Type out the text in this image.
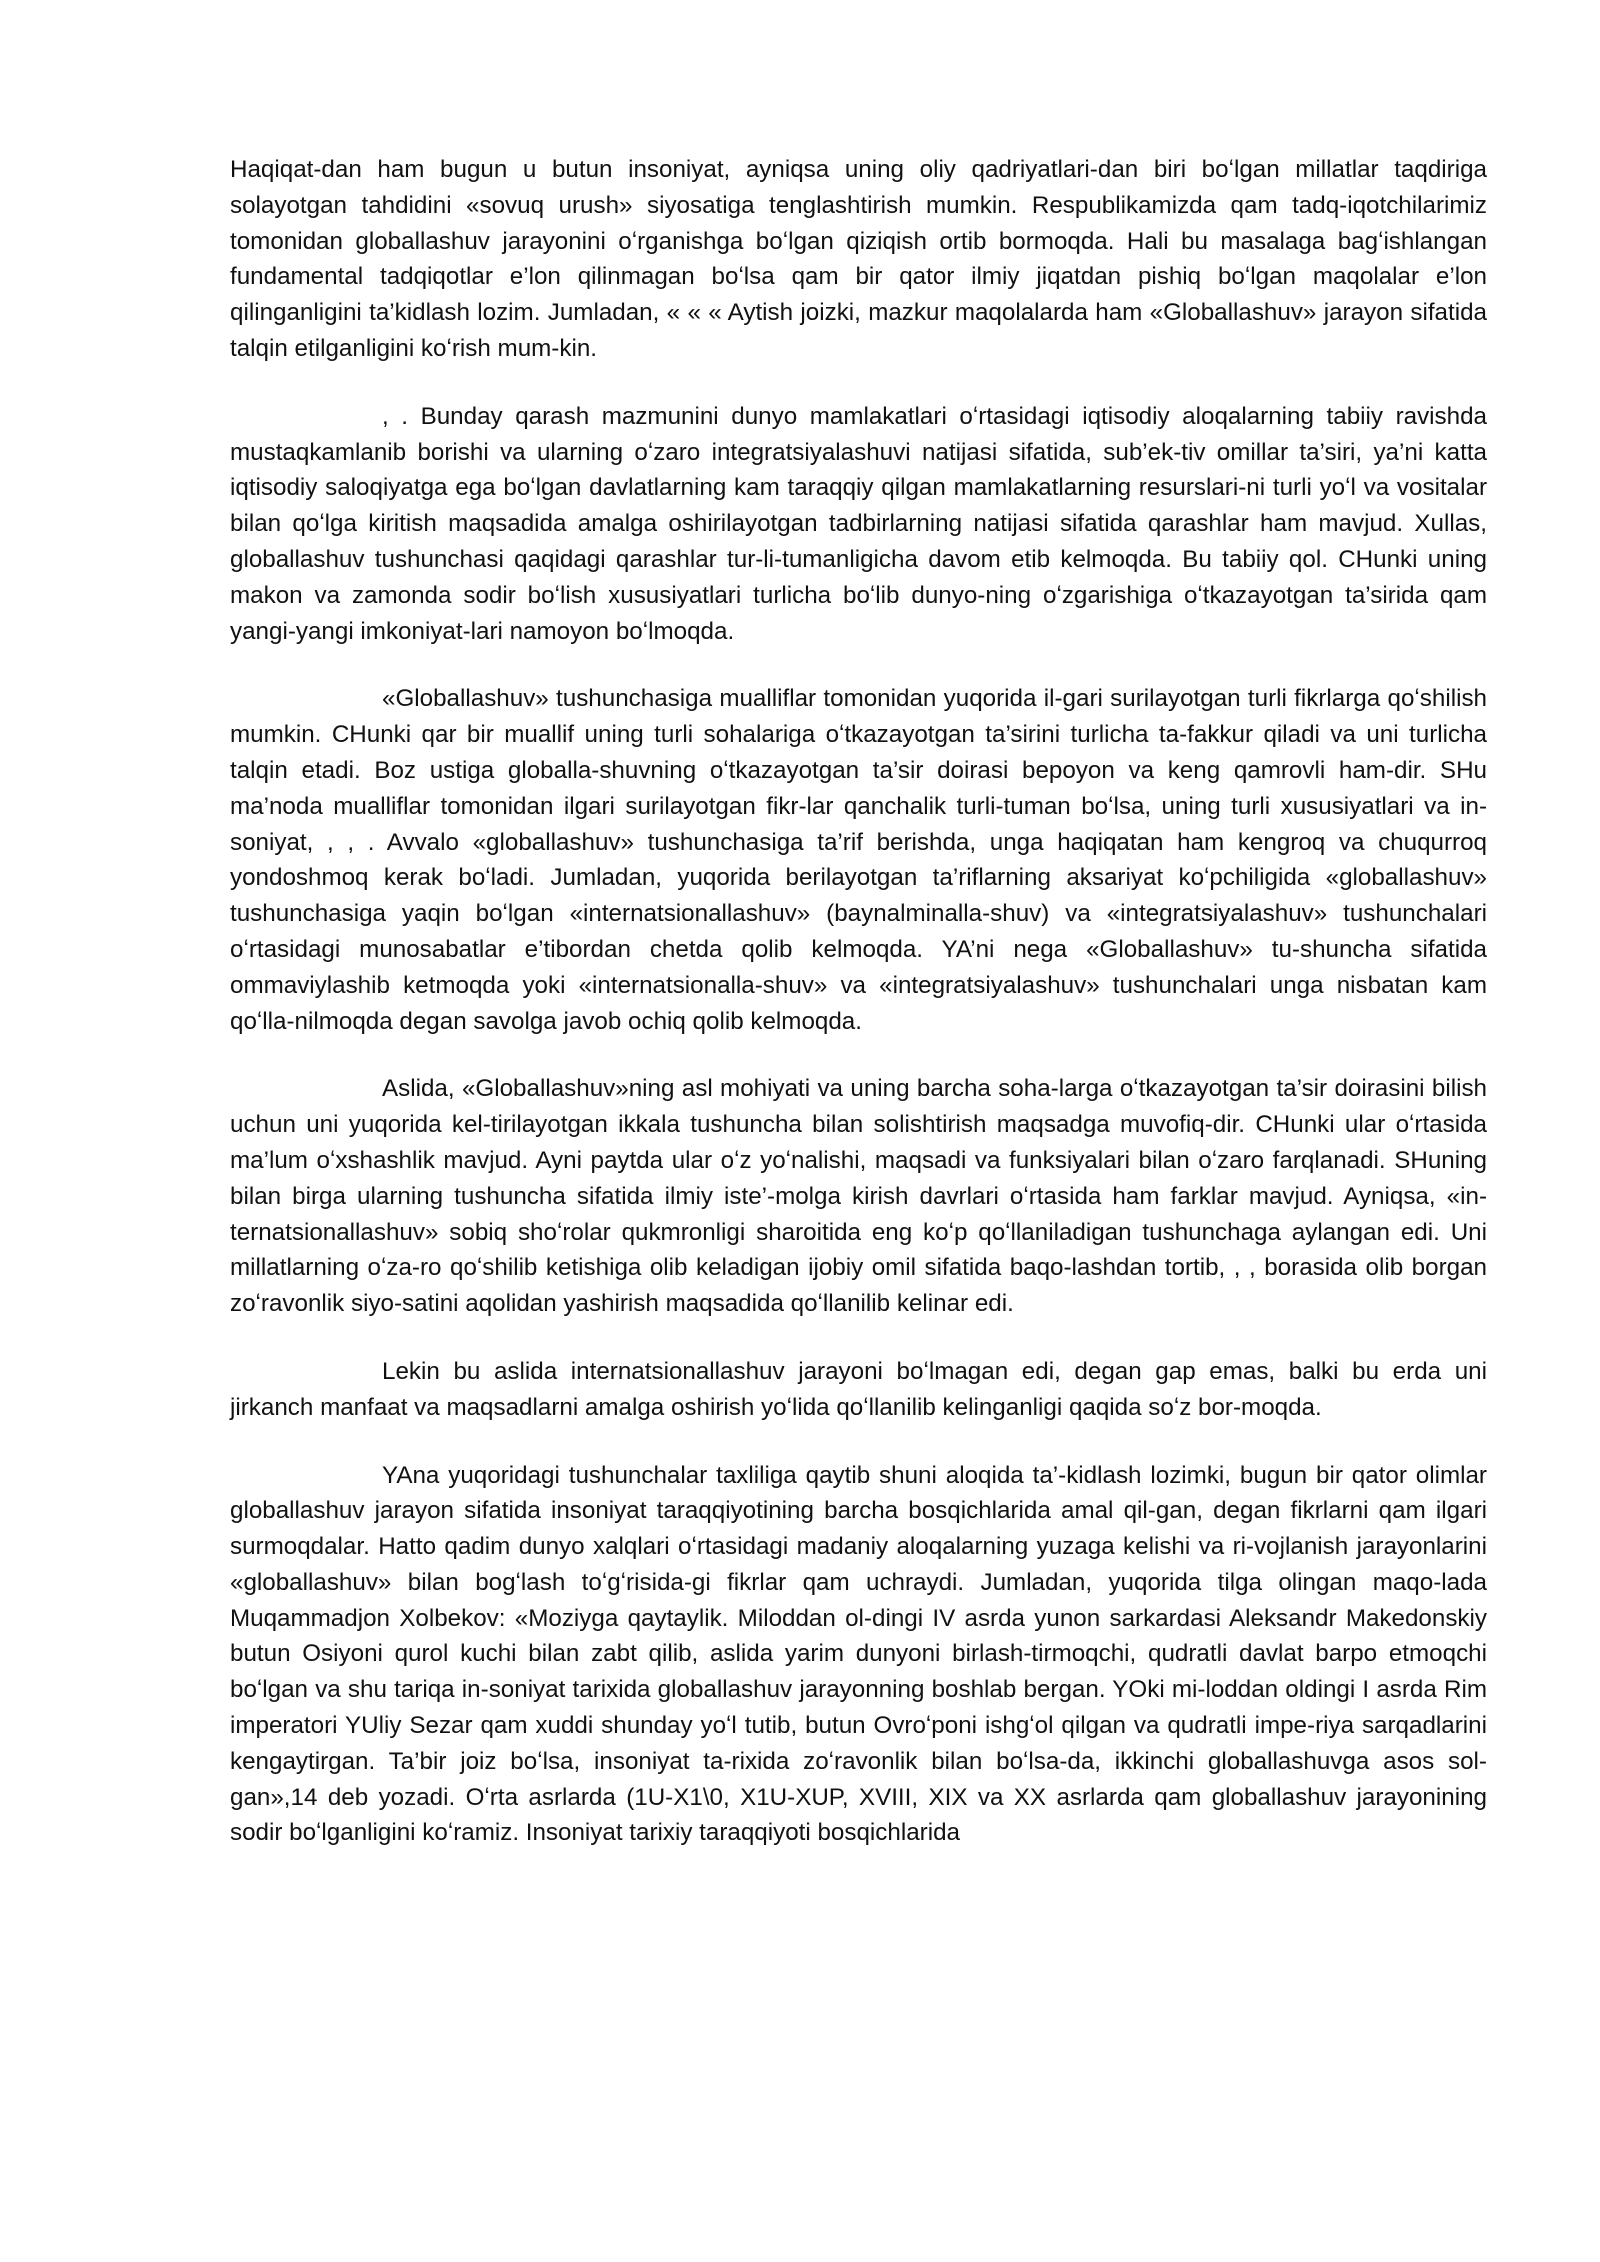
Haqiqat-dan ham bugun u butun insoniyat, ayniqsa uning oliy qadriyatlari-dan biri boʻlgan millatlar taqdiriga solayotgan tahdidini «sovuq urush» siyosatiga tenglashtirish mumkin. Respublikamizda qam tadq-iqotchilarimiz tomonidan globallashuv jarayonini oʻrganishga boʻlgan qiziqish ortib bormoqda. Hali bu masalaga bagʻishlangan fundamental tadqiqotlar e’lon qilinmagan boʻlsa qam bir qator ilmiy jiqatdan pishiq boʻlgan maqolalar e’lon qilinganligini ta’kidlash lozim. Jumladan, « « « Aytish joizki, mazkur maqolalarda ham «Globallashuv» jarayon sifatida talqin etilganligini koʻrish mum-kin.

, . Bunday qarash mazmunini dunyo mamlakatlari oʻrtasidagi iqtisodiy aloqalarning tabiiy ravishda mustaqkamlanib borishi va ularning oʻzaro integratsiyalashuvi natijasi sifatida, sub’ek-tiv omillar ta’siri, ya’ni katta iqtisodiy saloqiyatga ega boʻlgan davlatlarning kam taraqqiy qilgan mamlakatlarning resurslari-ni turli yoʻl va vositalar bilan qoʻlga kiritish maqsadida amalga oshirilayotgan tadbirlarning natijasi sifatida qarashlar ham mavjud. Xullas, globallashuv tushunchasi qaqidagi qarashlar tur-li-tumanligicha davom etib kelmoqda. Bu tabiiy qol. CHunki uning makon va zamonda sodir boʻlish xususiyatlari turlicha boʻlib dunyo-ning oʻzgarishiga oʻtkazayotgan ta’sirida qam yangi-yangi imkoniyat-lari namoyon boʻlmoqda.

«Globallashuv» tushunchasiga mualliflar tomonidan yuqorida il-gari surilayotgan turli fikrlarga qoʻshilish mumkin. CHunki qar bir muallif uning turli sohalariga oʻtkazayotgan ta’sirini turlicha ta-fakkur qiladi va uni turlicha talqin etadi. Boz ustiga globalla-shuvning oʻtkazayotgan ta’sir doirasi bepoyon va keng qamrovli ham-dir. SHu ma’noda mualliflar tomonidan ilgari surilayotgan fikr-lar qanchalik turli-tuman boʻlsa, uning turli xususiyatlari va in-soniyat, , , . Avvalo «globallashuv» tushunchasiga ta’rif berishda, unga haqiqatan ham kengroq va chuqurroq yondoshmoq kerak boʻladi. Jumladan, yuqorida berilayotgan ta’riflarning aksariyat koʻpchiligida «globallashuv» tushunchasiga yaqin boʻlgan «internatsionallashuv» (baynalminalla-shuv) va «integratsiyalashuv» tushunchalari oʻrtasidagi munosabatlar e’tibordan chetda qolib kelmoqda. YA’ni nega «Globallashuv» tu-shuncha sifatida ommaviylashib ketmoqda yoki «internatsionalla-shuv» va «integratsiyalashuv» tushunchalari unga nisbatan kam qoʻlla-nilmoqda degan savolga javob ochiq qolib kelmoqda.

Aslida, «Globallashuv»ning asl mohiyati va uning barcha soha-larga oʻtkazayotgan ta’sir doirasini bilish uchun uni yuqorida kel-tirilayotgan ikkala tushuncha bilan solishtirish maqsadga muvofiq-dir. CHunki ular oʻrtasida ma’lum oʻxshashlik mavjud. Ayni paytda ular oʻz yoʻnalishi, maqsadi va funksiyalari bilan oʻzaro farqlanadi. SHuning bilan birga ularning tushuncha sifatida ilmiy iste’-molga kirish davrlari oʻrtasida ham farklar mavjud. Ayniqsa, «in-ternatsionallashuv» sobiq shoʻrolar qukmronligi sharoitida eng koʻp qoʻllaniladigan tushunchaga aylangan edi. Uni millatlarning oʻza-ro qoʻshilib ketishiga olib keladigan ijobiy omil sifatida baqo-lashdan tortib, , , borasida olib borgan zoʻravonlik siyo-satini aqolidan yashirish maqsadida qoʻllanilib kelinar edi.

Lekin bu aslida internatsionallashuv jarayoni boʻlmagan edi, degan gap emas, balki bu erda uni jirkanch manfaat va maqsadlarni amalga oshirish yoʻlida qoʻllanilib kelinganligi qaqida soʻz bor-moqda.

YAna yuqoridagi tushunchalar taxliliga qaytib shuni aloqida ta’-kidlash lozimki, bugun bir qator olimlar globallashuv jarayon sifatida insoniyat taraqqiyotining barcha bosqichlarida amal qil-gan, degan fikrlarni qam ilgari surmoqdalar. Hatto qadim dunyo xalqlari oʻrtasidagi madaniy aloqalarning yuzaga kelishi va ri-vojlanish jarayonlarini «globallashuv» bilan bogʻlash toʻgʻrisida-gi fikrlar qam uchraydi. Jumladan, yuqorida tilga olingan maqo-lada Muqammadjon Xolbekov: «Moziyga qaytaylik. Miloddan ol-dingi IV asrda yunon sarkardasi Aleksandr Makedonskiy butun Osiyoni qurol kuchi bilan zabt qilib, aslida yarim dunyoni birlash-tirmoqchi, qudratli davlat barpo etmoqchi boʻlgan va shu tariqa in-soniyat tarixida globallashuv jarayonning boshlab bergan. YOki mi-loddan oldingi I asrda Rim imperatori YUliy Sezar qam xuddi shunday yoʻl tutib, butun Ovroʻponi ishgʻol qilgan va qudratli impe-riya sarqadlarini kengaytirgan. Ta’bir joiz boʻlsa, insoniyat ta-rixida zoʻravonlik bilan boʻlsa-da, ikkinchi globallashuvga asos sol-gan»,14 deb yozadi. Oʻrta asrlarda (1U-X1\0, X1U-XUP, XVIII, XIX va XX asrlarda qam globallashuv jarayonining sodir boʻlganligini koʻramiz. Insoniyat tarixiy taraqqiyoti bosqichlarida
